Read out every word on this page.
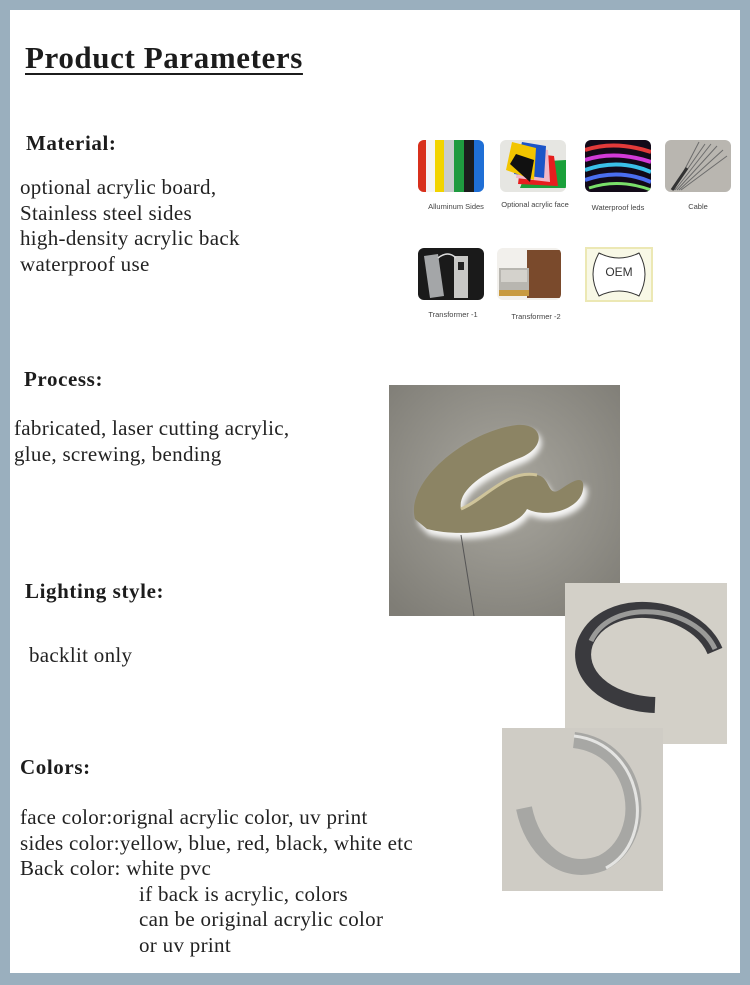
Product Parameters
Material:
optional acrylic board,
Stainless steel sides
high-density acrylic back
waterproof use
Alluminum Sides	Optional acrylic face	Waterproof leds	Cable
Transformer -1	Transformer -2
OEM
Process:
fabricated, laser cutting acrylic,
glue, screwing, bending
Lighting style:
backlit only
Colors:
face color:orignal acrylic color, uv print
sides color:yellow, blue, red, black, white etc
Back color: white pvc
if back is acrylic, colors
can be original acrylic color
or uv print
